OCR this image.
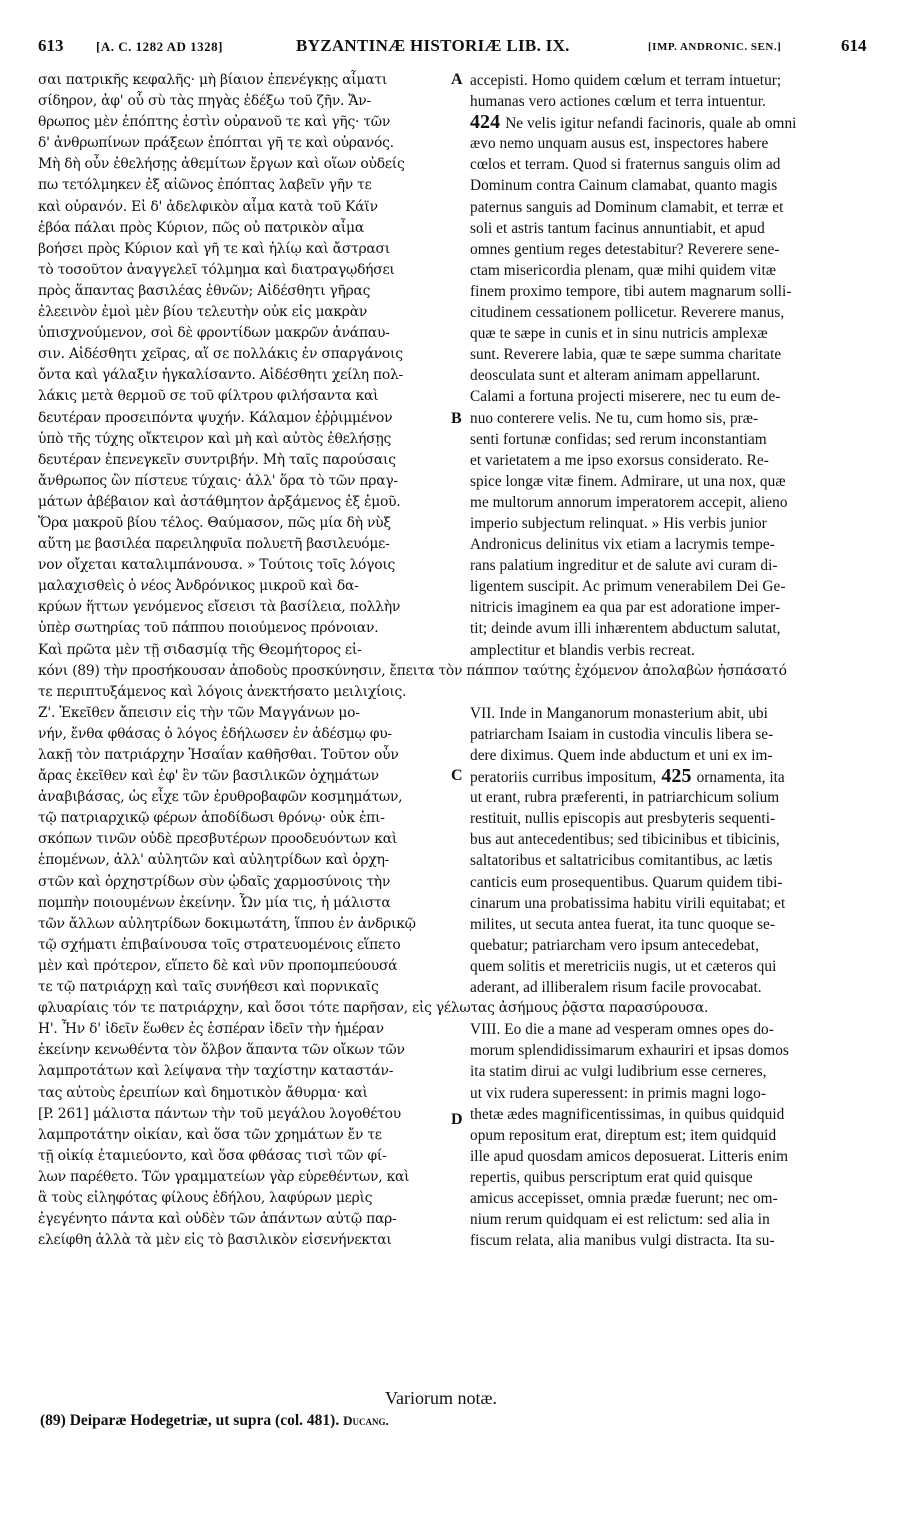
613	[A. C. 1282 AD 1328]	BYZANTINÆ HISTORIÆ LIB. IX.	[IMP. ANDRONIC. SEN.]	614
σαι πατρικῆς κεφαλῆς· μὴ βίαιον ἐπενέγκῃς αἷματι
σίδηρον, ἀφ' οὗ σὺ τὰς πηγὰς ἐδέξω τοῦ ζῆν. Ἄν-
θρωπος μὲν ἐπόπτης ἐστὶν οὐρανοῦ τε καὶ γῆς· τῶν
δ' ἀνθρωπίνων πράξεων ἐπόπται γῆ τε καὶ οὐρανός.
Μὴ δὴ οὖν ἐθελήσῃς ἀθεμίτων ἔργων καὶ οἵων οὐδείς
πω τετόλμηκεν ἐξ αἰῶνος ἐπόπτας λαβεῖν γῆν τε
καὶ οὐρανόν. Εἰ δ' ἀδελφικὸν αἷμα κατὰ τοῦ Κάϊν
ἐβόα πάλαι πρὸς Κύριον, πῶς οὐ πατρικὸν αἷμα
βοήσει πρὸς Κύριον καὶ γῆ τε καὶ ἡλίῳ καὶ ἄστρασι
τὸ τοσοῦτον ἀναγγελεῖ τόλμημα καὶ διατραγῳδήσει
πρὸς ἅπαντας βασιλέας ἐθνῶν; Αἰδέσθητι γῆρας
ἐλεεινὸν ἐμοὶ μὲν βίου τελευτὴν οὐκ εἰς μακρὰν
ὑπισχνούμενον, σοὶ δὲ φροντίδων μακρῶν ἀνάπαυ-
σιν. Αἰδέσθητι χεῖρας, αἵ σε πολλάκις ἐν σπαργάνοις
ὄντα καὶ γάλαξιν ἠγκαλίσαντο. Αἰδέσθητι χείλη πολ-
λάκις μετὰ θερμοῦ σε τοῦ φίλτρου φιλήσαντα καὶ
δευτέραν προσειπόντα ψυχήν. Κάλαμον ἐῤῥιμμένον
ὑπὸ τῆς τύχης οἴκτειρον καὶ μὴ καὶ αὐτὸς ἐθελήσῃς
δευτέραν ἐπενεγκεῖν συντριβήν. Μὴ ταῖς παρούσαις
ἄνθρωπος ὢν πίστευε τύχαις· ἀλλ' ὅρα τὸ τῶν πραγ-
μάτων ἀβέβαιον καὶ ἀστάθμητον ἀρξάμενος ἐξ ἐμοῦ.
Ὅρα μακροῦ βίου τέλος. Θαύμασον, πῶς μία δὴ νὺξ
αὕτη με βασιλέα παρειληφυῖα πολυετῆ βασιλευόμε-
νον οἴχεται καταλιμπάνουσα. » Τούτοις τοῖς λόγοις
μαλαχισθεὶς ὁ νέος Ἀνδρόνικος μικροῦ καὶ δα-
κρύων ἥττων γενόμενος εἴσεισι τὰ βασίλεια, πολλὴν
ὑπὲρ σωτηρίας τοῦ πάππου ποιούμενος πρόνοιαν.
Καὶ πρῶτα μὲν τῇ σιδασμίᾳ τῆς Θεομήτορος εἰ-
κόνι (89) τὴν προσήκουσαν ἀποδοὺς προσκύνησιν, ἔπειτα τὸν πάππον ταύτης ἐχόμενον ἀπολαβὼν ἠσπάσατό
τε περιπτυξάμενος καὶ λόγοις ἀνεκτήσατο μειλιχίοις.
Ζ'. Ἐκεῖθεν ἄπεισιν εἰς τὴν τῶν Μαγγάνων μο-
νήν, ἔνθα φθάσας ὁ λόγος ἐδήλωσεν ἐν ἀδέσμῳ φυ-
λακῇ τὸν πατριάρχην Ἡσαΐαν καθῆσθαι. Τοῦτον οὖν
ἄρας ἐκεῖθεν καὶ ἐφ' ἓν τῶν βασιλικῶν ὀχημάτων
ἀναβιβάσας, ὡς εἶχε τῶν ἐρυθροβαφῶν κοσμημάτων,
τῷ πατριαρχικῷ φέρων ἀποδίδωσι θρόνῳ· οὐκ ἐπι-
σκόπων τινῶν οὐδὲ πρεσβυτέρων προοδευόντων καὶ
ἑπομένων, ἀλλ' αὐλητῶν καὶ αὐλητρίδων καὶ ὀρχη-
στῶν καὶ ὀρχηστρίδων σὺν ᾠδαῖς χαρμοσύνοις τὴν
πομπὴν ποιουμένων ἐκείνην. Ὧν μία τις, ἡ μάλιστα
τῶν ἄλλων αὐλητρίδων δοκιμωτάτη, ἵππου ἐν ἀνδρικῷ
τῷ σχήματι ἐπιβαίνουσα τοῖς στρατευομένοις εἵπετο
μὲν καὶ πρότερον, εἵπετο δὲ καὶ νῦν προπομπεύουσά
τε τῷ πατριάρχῃ καὶ ταῖς συνήθεσι καὶ πορνικαῖς
φλυαρίαις τόν τε πατριάρχην, καὶ ὅσοι τότε παρῆσαν, εἰς γέλωτας ἀσήμους ῥᾷστα παρασύρουσα.
Η'. Ἦν δ' ἰδεῖν ἕωθεν ἐς ἑσπέραν ἰδεῖν τὴν ἡμέραν
ἐκείνην κενωθέντα τὸν ὄλβον ἅπαντα τῶν οἴκων τῶν
λαμπροτάτων καὶ λείψανα τὴν ταχίστην καταστάν-
τας αὐτοὺς ἐρειπίων καὶ δημοτικὸν ἄθυρμα· καὶ
[P. 261] μάλιστα πάντων τὴν τοῦ μεγάλου λογοθέτου
λαμπροτάτην οἰκίαν, καὶ ὅσα τῶν χρημάτων ἔν τε
τῇ οἰκίᾳ ἐταμιεύοντο, καὶ ὅσα φθάσας τισὶ τῶν φί-
λων παρέθετο. Τῶν γραμματείων γὰρ εὑρεθέντων, καὶ
ἃ τοὺς εἰληφότας φίλους ἐδήλου, λαφύρων μερὶς
ἐγεγένητο πάντα καὶ οὐδὲν τῶν ἁπάντων αὐτῷ παρ-
ελείφθη ἀλλὰ τὰ μὲν εἰς τὸ βασιλικὸν εἰσενήνεκται
accepisti. Homo quidem cœlum et terram intuetur;
humanas vero actiones cœlum et terra intuentur.
424 Ne velis igitur nefandi facinoris, quale ab omni
ævo nemo unquam ausus est, inspectores habere
cœlos et terram. Quod si fraternus sanguis olim ad
Dominum contra Cainum clamabat, quanto magis
paternus sanguis ad Dominum clamabit, et terræ et
soli et astris tantum facinus annuntiabit, et apud
omnes gentium reges detestabitur? Reverere sene-
ctam misericordia plenam, quæ mihi quidem vitæ
finem proximo tempore, tibi autem magnarum solli-
citudinem cessationem pollicetur. Reverere manus,
quæ te sæpe in cunis et in sinu nutricis amplexæ
sunt. Reverere labia, quæ te sæpe summa charitate
deosculata sunt et alteram animam appellarunt.
Calami a fortuna projecti miserere, nec tu eum de-
nuo conterere velis. Ne tu, cum homo sis, præ-
senti fortunæ confidas; sed rerum inconstantiam
et varietatem a me ipso exorsus considerato. Re-
spice longæ vitæ finem. Admirare, ut una nox, quæ
me multorum annorum imperatorem accepit, alieno
imperio subjectum relinquat. » His verbis junior
Andronicus delinitus vix etiam a lacrymis tempe-
rans palatium ingreditur et de salute avi curam di-
ligentem suscipit. Ac primum venerabilem Dei Ge-
nitricis imaginem ea qua par est adoratione imper-
tit; deinde avum illi inhærentem abductum salutat,
amplectitur et blandis verbis recreat.
VII. Inde in Manganorum monasterium abit, ubi
patriarcham Isaiam in custodia vinculis libera se-
dere diximus. Quem inde abductum et uni ex im-
peratoriis curribus impositum, 425 ornamenta, ita
ut erant, rubra præferenti, in patriarchicum solium
restituit, nullis episcopis aut presbyteris sequenti-
bus aut antecedentibus; sed tibicinibus et tibicinis,
saltatoribus et saltatricibus comitantibus, ac lætis
canticis eum prosequentibus. Quarum quidem tibi-
cinarum una probatissima habitu virili equitabat; et
milites, ut secuta antea fuerat, ita tunc quoque se-
quebatur; patriarcham vero ipsum antecedebat,
quem solitis et meretriciis nugis, ut et cæteros qui
aderant, ad illiberalem risum facile provocabat.
VIII. Eo die a mane ad vesperam omnes opes do-
morum splendidissimarum exhauriri et ipsas domos
ita statim dirui ac vulgi ludibrium esse cerneres,
ut vix rudera superessent: in primis magni logo-
thetæ ædes magnificentissimas, in quibus quidquid
opum repositum erat, direptum est; item quidquid
ille apud quosdam amicos deposuerat. Litteris enim
repertis, quibus perscriptum erat quid quisque
amicus accepisset, omnia prædæ fuerunt; nec om-
nium rerum quidquam ei est relictum: sed alia in
fiscum relata, alia manibus vulgi distracta. Ita su-
A
B
C
D
Variorum notæ.
(89) Deiparæ Hodegetriæ, ut supra (col. 481). Ducang.
